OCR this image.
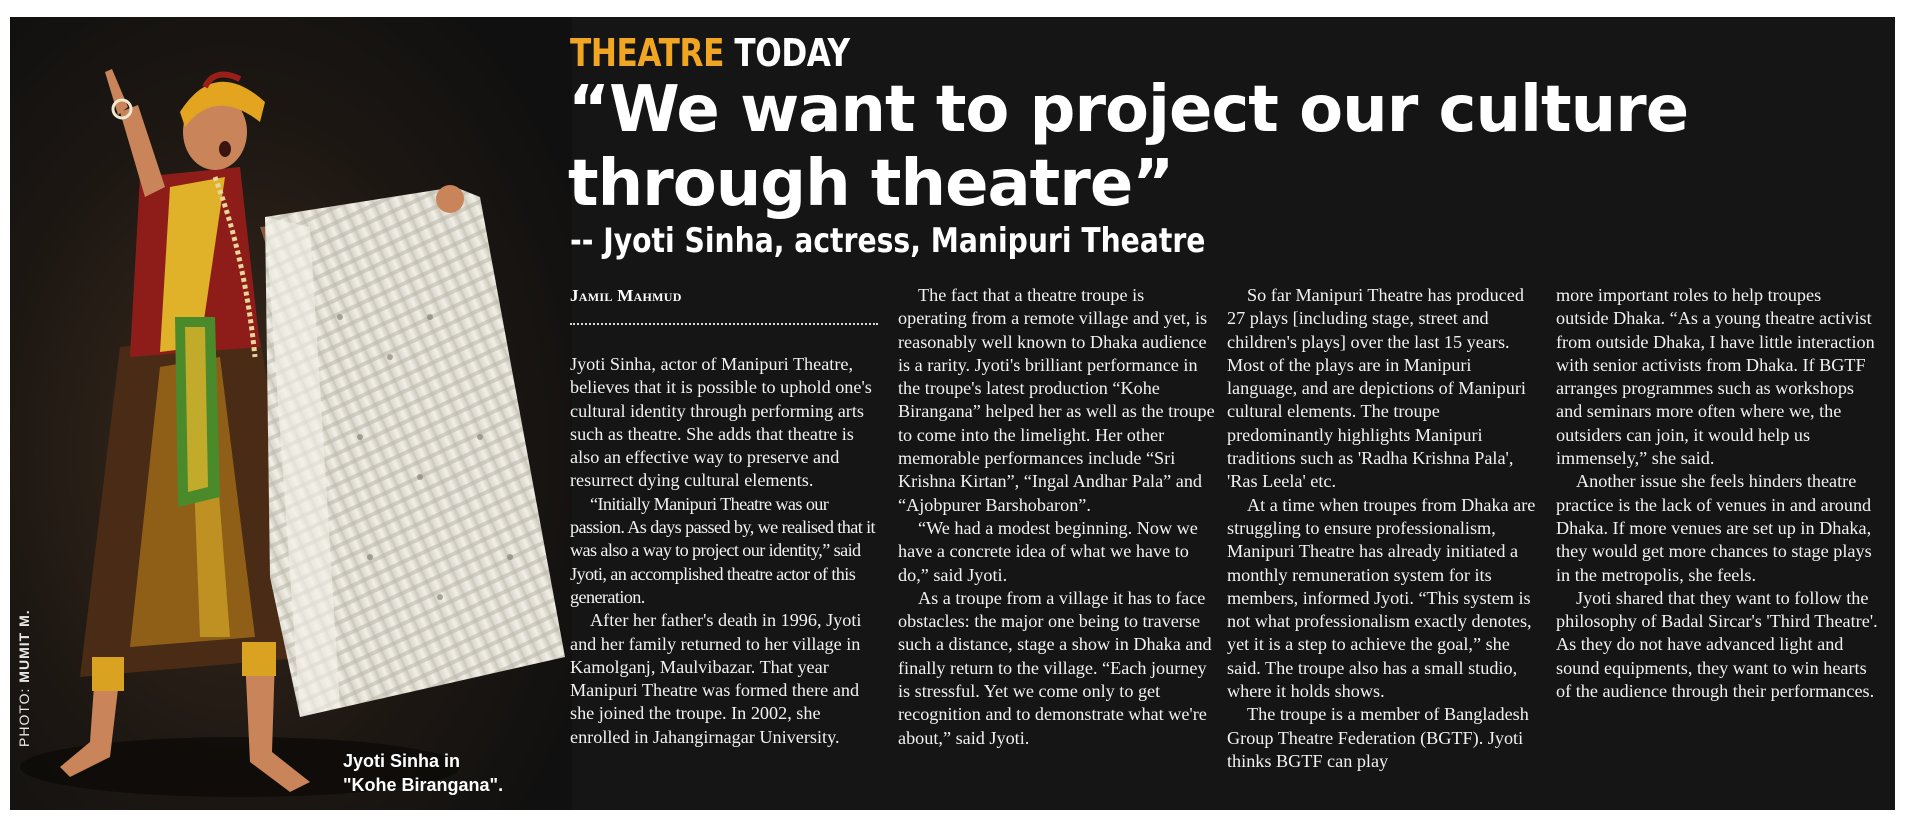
PHOTO: MUMIT M.
Jyoti Sinha in
"Kohe Birangana".
THEATRE TODAY
“We want to project our culture
through theatre”
-- Jyoti Sinha, actress, Manipuri Theatre
Jamil Mahmud

Jyoti Sinha, actor of Manipuri Theatre, believes that it is possible to uphold one's cultural identity through performing arts such as theatre. She adds that theatre is also an effective way to preserve and resurrect dying cultural elements.

“Initially Manipuri Theatre was our passion. As days passed by, we realised that it was also a way to project our identity,” said Jyoti, an accomplished theatre actor of this generation.

After her father's death in 1996, Jyoti and her family returned to her village in Kamolganj, Maulvibazar. That year Manipuri Theatre was formed there and she joined the troupe. In 2002, she enrolled in Jahangirnagar University.

The fact that a theatre troupe is operating from a remote village and yet, is reasonably well known to Dhaka audience is a rarity. Jyoti's brilliant performance in the troupe's latest production “Kohe Birangana” helped her as well as the troupe to come into the limelight. Her other memorable performances include “Sri Krishna Kirtan”, “Ingal Andhar Pala” and “Ajobpurer Barshobaron”.

“We had a modest beginning. Now we have a concrete idea of what we have to do,” said Jyoti.

As a troupe from a village it has to face obstacles: the major one being to traverse such a distance, stage a show in Dhaka and finally return to the village. “Each journey is stressful. Yet we come only to get recognition and to demonstrate what we're about,” said Jyoti.

So far Manipuri Theatre has produced 27 plays [including stage, street and children's plays] over the last 15 years. Most of the plays are in Manipuri language, and are depictions of Manipuri cultural elements. The troupe predominantly highlights Manipuri traditions such as 'Radha Krishna Pala', 'Ras Leela' etc.

At a time when troupes from Dhaka are struggling to ensure professionalism, Manipuri Theatre has already initiated a monthly remuneration system for its members, informed Jyoti. “This system is not what professionalism exactly denotes, yet it is a step to achieve the goal,” she said. The troupe also has a small studio, where it holds shows.

The troupe is a member of Bangladesh Group Theatre Federation (BGTF). Jyoti thinks BGTF can play

more important roles to help troupes outside Dhaka. “As a young theatre activist from outside Dhaka, I have little interaction with senior activists from Dhaka. If BGTF arranges programmes such as workshops and seminars more often where we, the outsiders can join, it would help us immensely,” she said.

Another issue she feels hinders theatre practice is the lack of venues in and around Dhaka. If more venues are set up in Dhaka, they would get more chances to stage plays in the metropolis, she feels.

Jyoti shared that they want to follow the philosophy of Badal Sircar's 'Third Theatre'. As they do not have advanced light and sound equipments, they want to win hearts of the audience through their performances.
